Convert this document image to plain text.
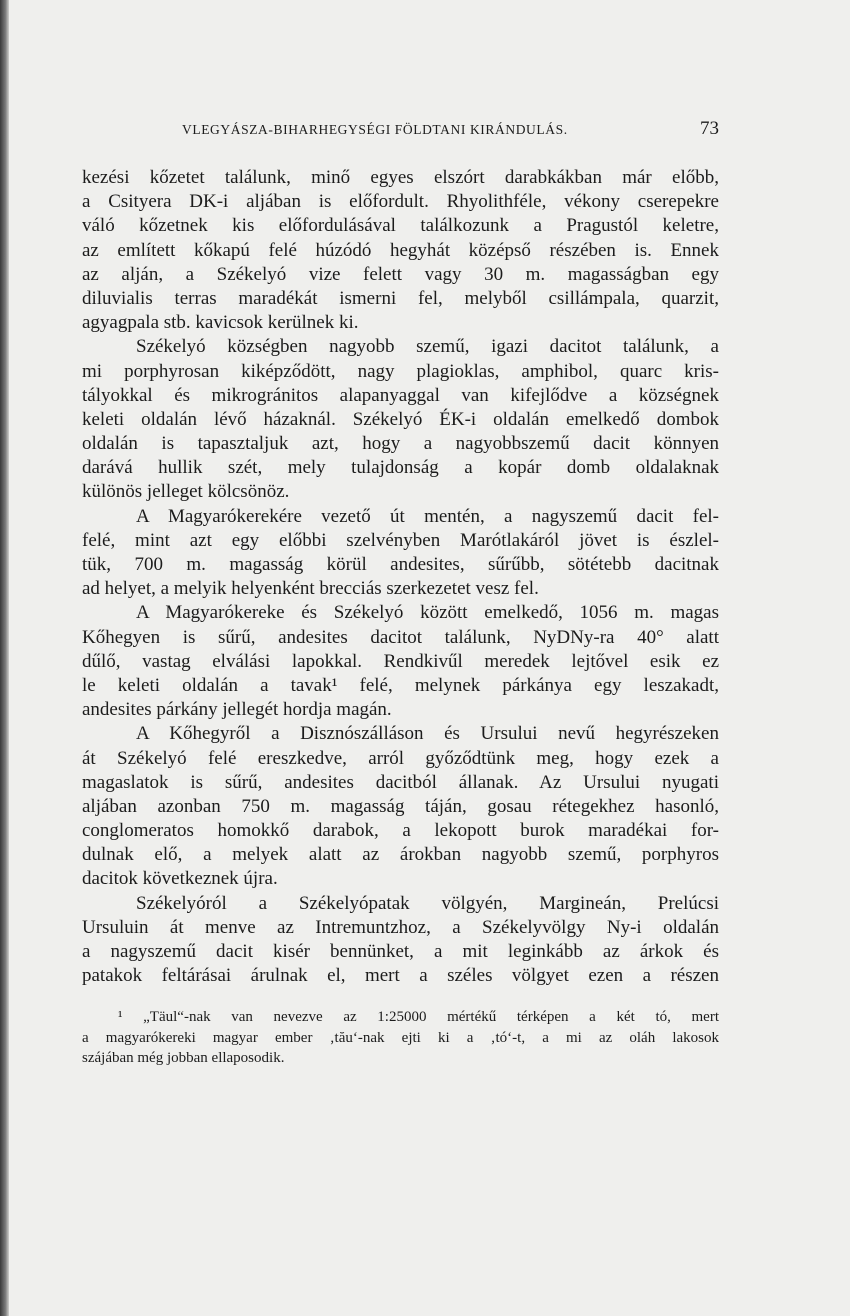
VLEGYÁSZA-BIHARHEGYSÉGI FÖLDTANI KIRÁNDULÁS.	73
kezési kőzetet találunk, minő egyes elszórt darabkákban már előbb,
a Csityera DK-i aljában is előfordult. Rhyolithféle, vékony cserepekre
váló kőzetnek kis előfordulásával találkozunk a Pragustól keletre,
az említett kőkapú felé húzódó hegyhát középső részében is. Ennek
az alján, a Székelyó vize felett vagy 30 m. magasságban egy
diluvialis terras maradékát ismerni fel, melyből csillámpala, quarzit,
agyagpala stb. kavicsok kerülnek ki.
Székelyó községben nagyobb szemű, igazi dacitot találunk, a
mi porphyrosan kiképződött, nagy plagioklas, amphibol, quarc kris-
tályokkal és mikrogránitos alapanyaggal van kifejlődve a községnek
keleti oldalán lévő házaknál. Székelyó ÉK-i oldalán emelkedő dombok
oldalán is tapasztaljuk azt, hogy a nagyobbszemű dacit könnyen
darává hullik szét, mely tulajdonság a kopár domb oldalaknak
különös jelleget kölcsönöz.
A Magyarókerekére vezető út mentén, a nagyszemű dacit fel-
felé, mint azt egy előbbi szelvényben Marótlakáról jövet is észlel-
tük, 700 m. magasság körül andesites, sűrűbb, sötétebb dacitnak
ad helyet, a melyik helyenként brecciás szerkezetet vesz fel.
A Magyarókereke és Székelyó között emelkedő, 1056 m. magas
Kőhegyen is sűrű, andesites dacitot találunk, NyDNy-ra 40° alatt
dűlő, vastag elválási lapokkal. Rendkivűl meredek lejtővel esik ez
le keleti oldalán a tavak¹ felé, melynek párkánya egy leszakadt,
andesites párkány jellegét hordja magán.
A Kőhegyről a Disznószálláson és Ursului nevű hegyrészeken
át Székelyó felé ereszkedve, arról győződtünk meg, hogy ezek a
magaslatok is sűrű, andesites dacitból állanak. Az Ursului nyugati
aljában azonban 750 m. magasság táján, gosau rétegekhez hasonló,
conglomeratos homokkő darabok, a lekopott burok maradékai for-
dulnak elő, a melyek alatt az árokban nagyobb szemű, porphyros
dacitok következnek újra.
Székelyóról a Székelyópatak völgyén, Margineán, Prelúcsi
Ursuluin át menve az Intremuntzhoz, a Székelyvölgy Ny-i oldalán
a nagyszemű dacit kisér bennünket, a mit leginkább az árkok és
patakok feltárásai árulnak el, mert a széles völgyet ezen a részen
¹ „Täul“-nak van nevezve az 1:25000 mértékű térképen a két tó, mert
a magyarókereki magyar ember ‚tău‘-nak ejti ki a ‚tó‘-t, a mi az oláh lakosok
szájában még jobban ellaposodik.
